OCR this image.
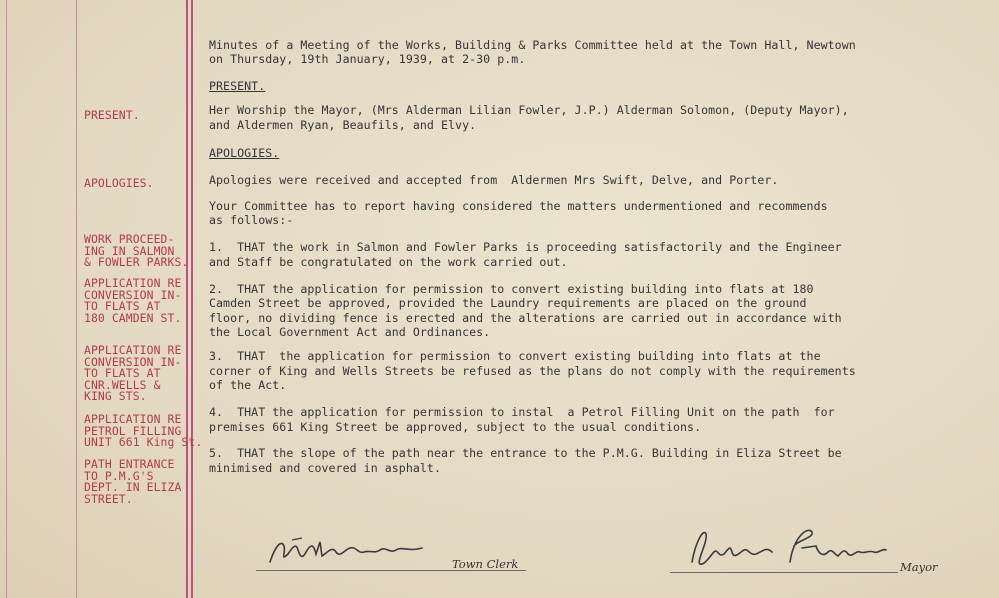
Minutes of a Meeting of the Works, Building & Parks Committee held at the Town Hall, Newtown
on Thursday, 19th January, 1939, at 2-30 p.m.
PRESENT.
PRESENT.	Her Worship the Mayor, (Mrs Alderman Lilian Fowler, J.P.) Alderman Solomon, (Deputy Mayor),
and Aldermen Ryan, Beaufils, and Elvy.
APOLOGIES.
APOLOGIES.	Apologies were received and accepted from  Aldermen Mrs Swift, Delve, and Porter.
Your Committee has to report having considered the matters undermentioned and recommends
as follows:-
WORK PROCEED-
ING IN SALMON
& FOWLER PARKS.
1.  THAT the work in Salmon and Fowler Parks is proceeding satisfactorily and the Engineer
and Staff be congratulated on the work carried out.
APPLICATION RE
CONVERSION IN-
TO FLATS AT
180 CAMDEN ST.
2.  THAT the application for permission to convert existing building into flats at 180
Camden Street be approved, provided the Laundry requirements are placed on the ground
floor, no dividing fence is erected and the alterations are carried out in accordance with
the Local Government Act and Ordinances.
APPLICATION RE
CONVERSION IN-
TO FLATS AT
CNR.WELLS &
KING STS.
3.  THAT  the application for permission to convert existing building into flats at the
corner of King and Wells Streets be refused as the plans do not comply with the requirements
of the Act.
APPLICATION RE
PETROL FILLING
UNIT 661 King St.
4.  THAT the application for permission to instal  a Petrol Filling Unit on the path  for
premises 661 King Street be approved, subject to the usual conditions.
PATH ENTRANCE
TO P.M.G'S
DEPT. IN ELIZA
STREET.
5.  THAT the slope of the path near the entrance to the P.M.G. Building in Eliza Street be
minimised and covered in asphalt.
Town Clerk	Mayor
